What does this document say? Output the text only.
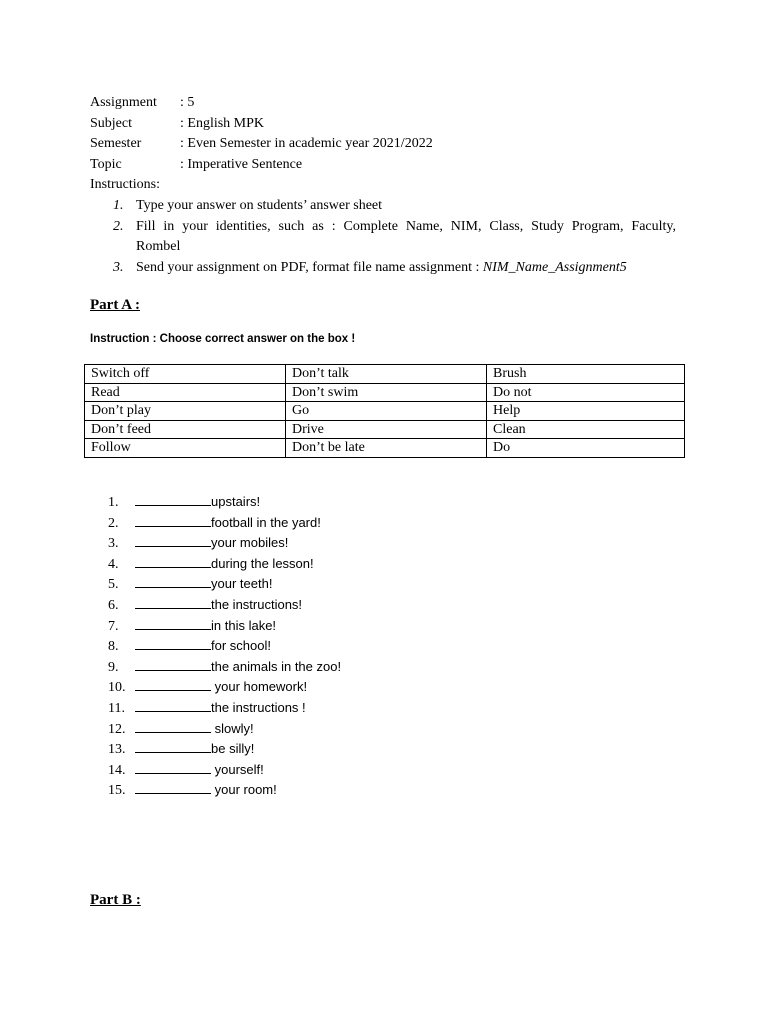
Assignment : 5
Subject	: English MPK
Semester	: Even Semester in academic year 2021/2022
Topic	: Imperative Sentence
Instructions:
1. Type your answer on students’ answer sheet
2. Fill in your identities, such as : Complete Name, NIM, Class, Study Program, Faculty,
Rombel
3. Send your assignment on PDF, format file name assignment : NIM_Name_Assignment5
Part A :
Instruction : Choose correct answer on the box !
Switch off	Don’t talk	Brush
Read	Don’t swim	Do not
Don’t play	Go	Help
Don’t feed	Drive	Clean
Follow	Don’t be late	Do
1.	upstairs!
2.	football in the yard!
3.	your mobiles!
4.	during the lesson!
5.	your teeth!
6.	the instructions!
7.	in this lake!
8.	for school!
9.	the animals in the zoo!
10.	your homework!
11.	the instructions !
12.	slowly!
13.	be silly!
14.	yourself!
15.	your room!
Part B :
